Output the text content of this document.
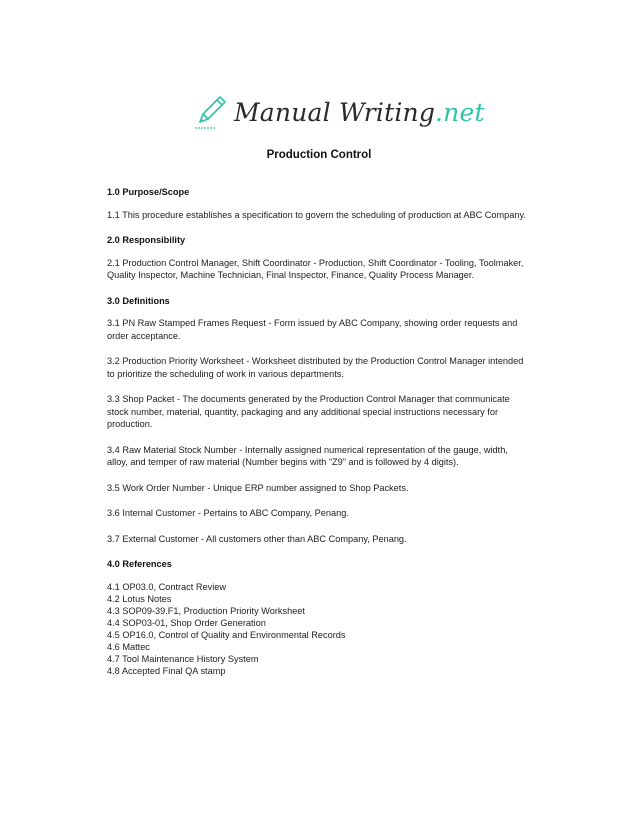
Manual Writing.net
Production Control
1.0 Purpose/Scope
1.1 This procedure establishes a specification to govern the scheduling of production at ABC Company.
2.0 Responsibility
2.1 Production Control Manager, Shift Coordinator - Production, Shift Coordinator - Tooling, Toolmaker, Quality Inspector, Machine Technician, Final Inspector, Finance, Quality Process Manager.
3.0 Definitions
3.1 PN Raw Stamped Frames Request - Form issued by ABC Company, showing order requests and order acceptance.
3.2 Production Priority Worksheet - Worksheet distributed by the Production Control Manager intended to prioritize the scheduling of work in various departments.
3.3 Shop Packet - The documents generated by the Production Control Manager that communicate stock number, material, quantity, packaging and any additional special instructions necessary for production.
3.4 Raw Material Stock Number - Internally assigned numerical representation of the gauge, width, alloy, and temper of raw material (Number begins with “Z9” and is followed by 4 digits).
3.5 Work Order Number - Unique ERP number assigned to Shop Packets.
3.6 Internal Customer - Pertains to ABC Company, Penang.
3.7 External Customer - All customers other than ABC Company, Penang.
4.0 References
4.1 OP03.0, Contract Review
4.2 Lotus Notes
4.3 SOP09-39.F1, Production Priority Worksheet
4.4 SOP03-01, Shop Order Generation
4.5 OP16.0, Control of Quality and Environmental Records
4.6 Mattec
4.7 Tool Maintenance History System
4.8 Accepted Final QA stamp
